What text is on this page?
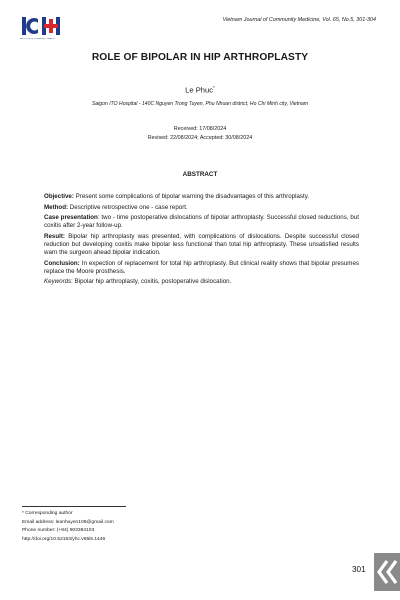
INSTITUTE OF COMMUNITY HEALTH
Vietnam Journal of Community Medicine, Vol. 65, No.5, 301-304
ROLE OF BIPOLAR IN HIP ARTHROPLASTY
Le Phuc*
Saigon ITO Hospital - 140C Nguyen Trong Tuyen, Phu Nhuan district, Ho Chi Minh city, Vietnam
Received: 17/08/2024
Revised: 22/08/2024; Accepted: 30/08/2024
ABSTRACT

Objective: Present some complications of bipolar warning the disadvantages of this arthroplasty.

Method: Descriptive retrospective one - case report.

Case presentation: two - time postoperative dislocations of bipolar arthroplasty. Successful closed reductions, but coxitis after 2-year follow-up.

Result: Bipolar hip arthroplasty was presented, with complications of dislocations. Despite successful closed reduction but developing coxitis make bipolar less functional than total hip arthroplasty. These unsatisfied results warn the surgeon ahead bipolar indication.

Conclusion: In expection of replacement for total hip arthroplasty. But clinical reality shows that bipolar presumes replace the Moore prosthesis.

Keywords: Bipolar hip arthroplasty, coxitis, postoperative dislocation.

* Corresponding author
Email address: leanhuyen108@gmail.com
Phone number: (+84) 903384103
http://doi.org/10.52163/yhc.v65i5.1446
301
